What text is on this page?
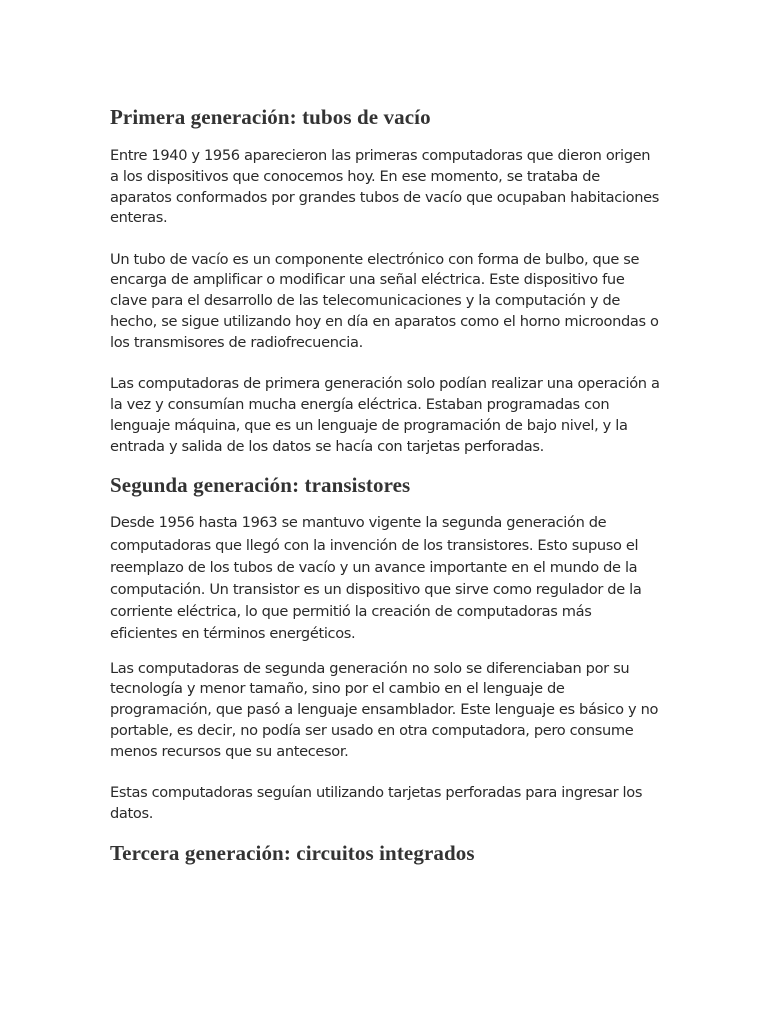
Primera generación: tubos de vacío

Entre 1940 y 1956 aparecieron las primeras computadoras que dieron origen a los dispositivos que conocemos hoy. En ese momento, se trataba de aparatos conformados por grandes tubos de vacío que ocupaban habitaciones enteras.

Un tubo de vacío es un componente electrónico con forma de bulbo, que se encarga de amplificar o modificar una señal eléctrica. Este dispositivo fue clave para el desarrollo de las telecomunicaciones y la computación y de hecho, se sigue utilizando hoy en día en aparatos como el horno microondas o los transmisores de radiofrecuencia.

Las computadoras de primera generación solo podían realizar una operación a la vez y consumían mucha energía eléctrica. Estaban programadas con lenguaje máquina, que es un lenguaje de programación de bajo nivel, y la entrada y salida de los datos se hacía con tarjetas perforadas.

Segunda generación: transistores

Desde 1956 hasta 1963 se mantuvo vigente la segunda generación de computadoras que llegó con la invención de los transistores. Esto supuso el reemplazo de los tubos de vacío y un avance importante en el mundo de la computación. Un transistor es un dispositivo que sirve como regulador de la corriente eléctrica, lo que permitió la creación de computadoras más eficientes en términos energéticos.

Las computadoras de segunda generación no solo se diferenciaban por su tecnología y menor tamaño, sino por el cambio en el lenguaje de programación, que pasó a lenguaje ensamblador. Este lenguaje es básico y no portable, es decir, no podía ser usado en otra computadora, pero consume menos recursos que su antecesor.

Estas computadoras seguían utilizando tarjetas perforadas para ingresar los datos.

Tercera generación: circuitos integrados
